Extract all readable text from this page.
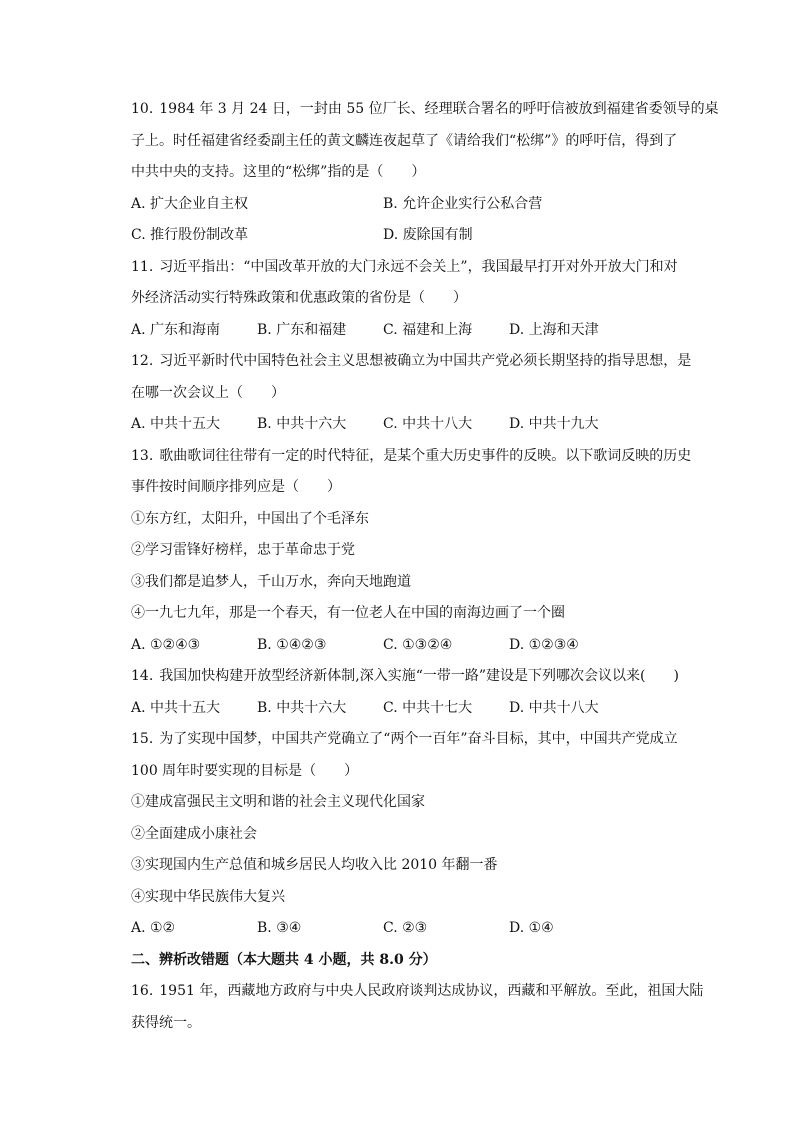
10. 1984 年 3 月 24 日，一封由 55 位厂长、经理联合署名的呼吁信被放到福建省委领导的桌
子上。时任福建省经委副主任的黄文麟连夜起草了《请给我们“松绑”》的呼吁信，得到了
中共中央的支持。这里的“松绑”指的是（　　）
A. 扩大企业自主权	B. 允许企业实行公私合营
C. 推行股份制改革	D. 废除国有制
11. 习近平指出：“中国改革开放的大门永远不会关上”，我国最早打开对外开放大门和对
外经济活动实行特殊政策和优惠政策的省份是（　　）
A. 广东和海南	B. 广东和福建	C. 福建和上海	D. 上海和天津
12. 习近平新时代中国特色社会主义思想被确立为中国共产党必须长期坚持的指导思想，是
在哪一次会议上（　　）
A. 中共十五大	B. 中共十六大	C. 中共十八大	D. 中共十九大
13. 歌曲歌词往往带有一定的时代特征，是某个重大历史事件的反映。以下歌词反映的历史
事件按时间顺序排列应是（　　）
①东方红，太阳升，中国出了个毛泽东
②学习雷锋好榜样，忠于革命忠于党
③我们都是追梦人，千山万水，奔向天地跑道
④一九七九年，那是一个春天，有一位老人在中国的南海边画了一个圈
A. ①②④③	B. ①④②③	C. ①③②④	D. ①②③④
14. 我国加快构建开放型经济新体制,深入实施“一带一路”建设是下列哪次会议以来(　　)
A. 中共十五大	B. 中共十六大	C. 中共十七大	D. 中共十八大
15. 为了实现中国梦，中国共产党确立了“两个一百年”奋斗目标，其中，中国共产党成立
100 周年时要实现的目标是（　　）
①建成富强民主文明和谐的社会主义现代化国家
②全面建成小康社会
③实现国内生产总值和城乡居民人均收入比 2010 年翻一番
④实现中华民族伟大复兴
A. ①②	B. ③④	C. ②③	D. ①④
二、辨析改错题（本大题共 4 小题，共 8.0 分）
16. 1951 年，西藏地方政府与中央人民政府谈判达成协议，西藏和平解放。至此，祖国大陆
获得统一。
